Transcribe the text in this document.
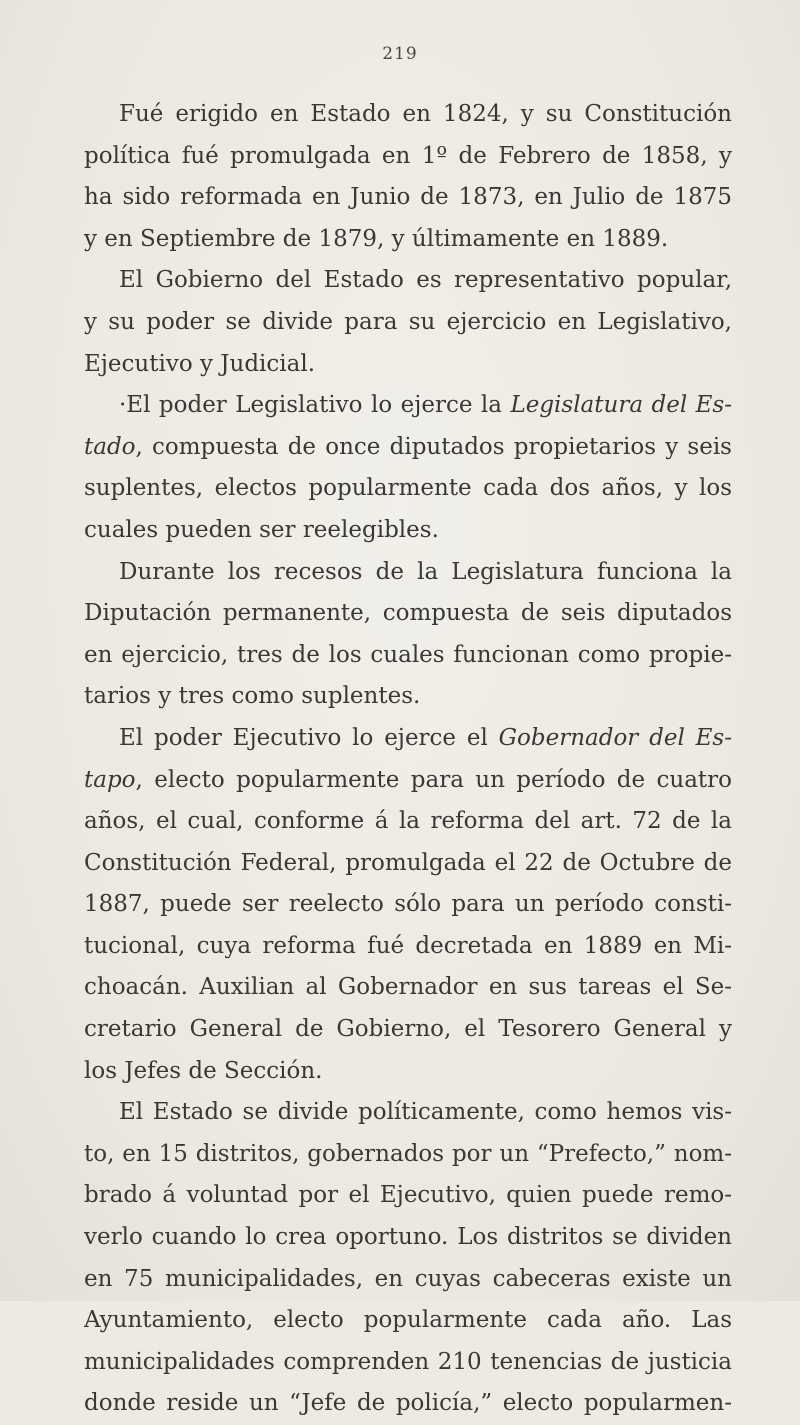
219
Fué erigido en Estado en 1824, y su Constitución
política fué promulgada en 1º de Febrero de 1858, y
ha sido reformada en Junio de 1873, en Julio de 1875
y en Septiembre de 1879, y últimamente en 1889.
El Gobierno del Estado es representativo popular,
y su poder se divide para su ejercicio en Legislativo,
Ejecutivo y Judicial.
·El poder Legislativo lo ejerce la Legislatura del Es-
tado, compuesta de once diputados propietarios y seis
suplentes, electos popularmente cada dos años, y los
cuales pueden ser reelegibles.
Durante los recesos de la Legislatura funciona la
Diputación permanente, compuesta de seis diputados
en ejercicio, tres de los cuales funcionan como propie-
tarios y tres como suplentes.
El poder Ejecutivo lo ejerce el Gobernador del Es-
tapo, electo popularmente para un período de cuatro
años, el cual, conforme á la reforma del art. 72 de la
Constitución Federal, promulgada el 22 de Octubre de
1887, puede ser reelecto sólo para un período consti-
tucional, cuya reforma fué decretada en 1889 en Mi-
choacán. Auxilian al Gobernador en sus tareas el Se-
cretario General de Gobierno, el Tesorero General y
los Jefes de Sección.
El Estado se divide políticamente, como hemos vis-
to, en 15 distritos, gobernados por un “Prefecto,” nom-
brado á voluntad por el Ejecutivo, quien puede remo-
verlo cuando lo crea oportuno. Los distritos se dividen
en 75 municipalidades, en cuyas cabeceras existe un
Ayuntamiento, electo popularmente cada año. Las
municipalidades comprenden 210 tenencias de justicia
donde reside un “Jefe de policía,” electo popularmen-
